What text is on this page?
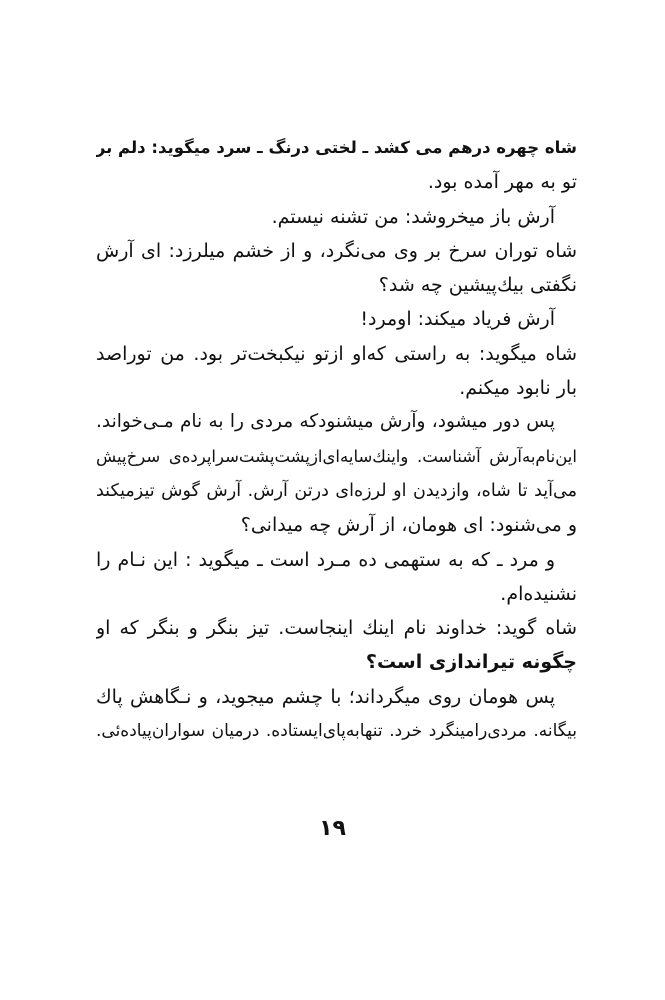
شاه چهره درهم می کشد ـ لختی درنگ ـ سرد میگوید: دلم بر
تو به مهر آمده بود.
آرش باز میخروشد: من تشنه نیستم.
شاه توران سرخ بر وی می‌نگرد، و از خشم میلرزد: ای آرش
نگفتی بیك‌پیشین چه شد؟
آرش فریاد میکند: اومرد!
شاه میگوید: به راستی که‌او ازتو نیکبخت‌تر بود. من توراصد
بار نابود میکنم.
پس دور میشود، وآرش میشنودکه مردی را به نام مـی‌خواند.
این‌نام‌به‌آرش آشناست. واینك‌سایه‌ای‌از‌پشت‌پشت‌سراپرده‌ی سرخ‌پیش
می‌آید تا شاه، وازدیدن او لرزه‌ای درتن آرش. آرش گوش تیزمیکند
و می‌شنود: ای هومان، از آرش چه میدانی؟
و مرد ـ که به ستهمی ده مـرد است ـ میگوید : این نـام را
نشنیده‌ام.
شاه گوید: خداوند نام اینك اینجاست. تیز بنگر و بنگر که او
چگونه تیراندازی است؟
پس هومان روی میگرداند؛ با چشم میجوید، و نـگاهش پاك
بیگانه. مردی‌رامینگرد خرد. تنهابه‌پای‌ایستاده. درمیان سواران‌پیاده‌ئی.
۱۹
